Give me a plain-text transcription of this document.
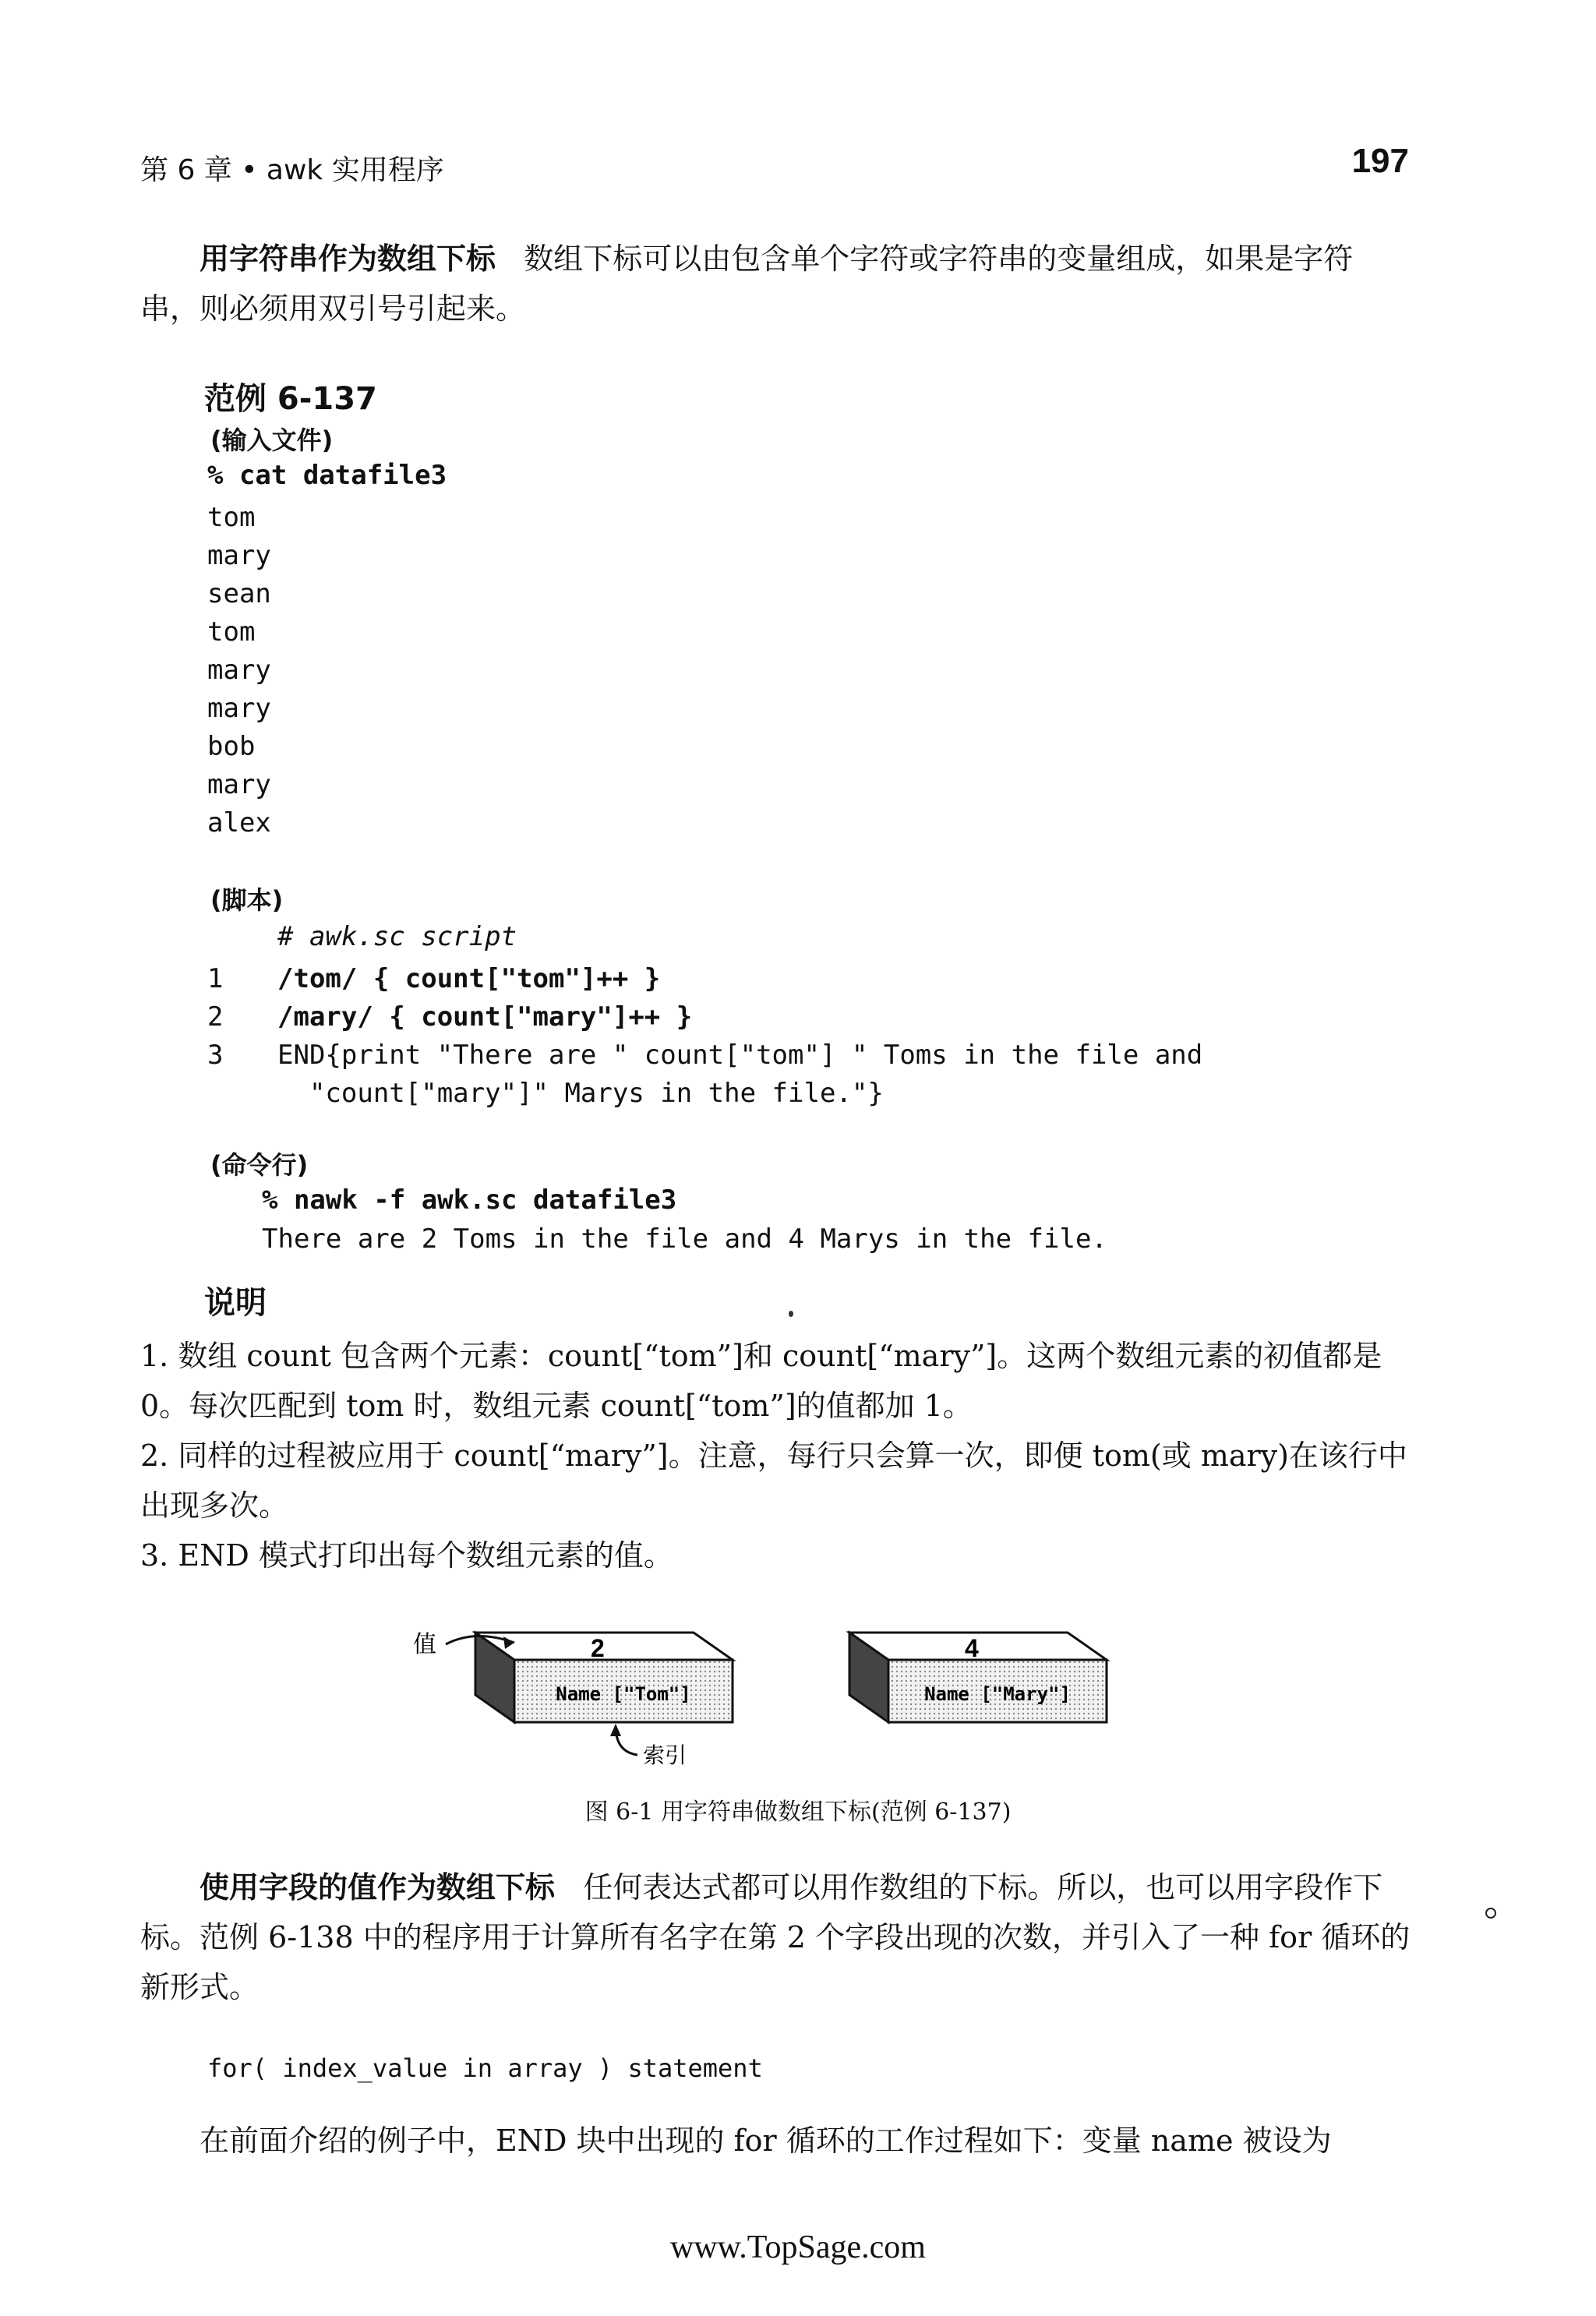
第 6 章 • awk 实用程序	197
用字符串作为数组下标 数组下标可以由包含单个字符或字符串的变量组成，如果是字符串，则必须用双引号引起来。
范例 6-137
(输入文件)
% cat datafile3
tom
mary
sean
tom
mary
mary
bob
mary
alex
(脚本)
# awk.sc script
1
2
3
/tom/ { count["tom"]++ }
/mary/ { count["mary"]++ }
END{print "There are " count["tom"] " Toms in the file and
"count["mary"]" Marys in the file."}
(命令行)
% nawk -f awk.sc datafile3
There are 2 Toms in the file and 4 Marys in the file.
说明
1. 数组 count 包含两个元素：count[“tom”]和 count[“mary”]。这两个数组元素的初值都是 0。每次匹配到 tom 时，数组元素 count[“tom”]的值都加 1。
2. 同样的过程被应用于 count[“mary”]。注意，每行只会算一次，即便 tom(或 mary)在该行中出现多次。
3. END 模式打印出每个数组元素的值。
2
Name ["Tom"]
值
索引
4
Name ["Mary"]
图 6-1 用字符串做数组下标(范例 6-137)
使用字段的值作为数组下标 任何表达式都可以用作数组的下标。所以，也可以用字段作下标。范例 6-138 中的程序用于计算所有名字在第 2 个字段出现的次数，并引入了一种 for 循环的新形式。
for( index_value in array ) statement
在前面介绍的例子中，END 块中出现的 for 循环的工作过程如下：变量 name 被设为
www.TopSage.com
